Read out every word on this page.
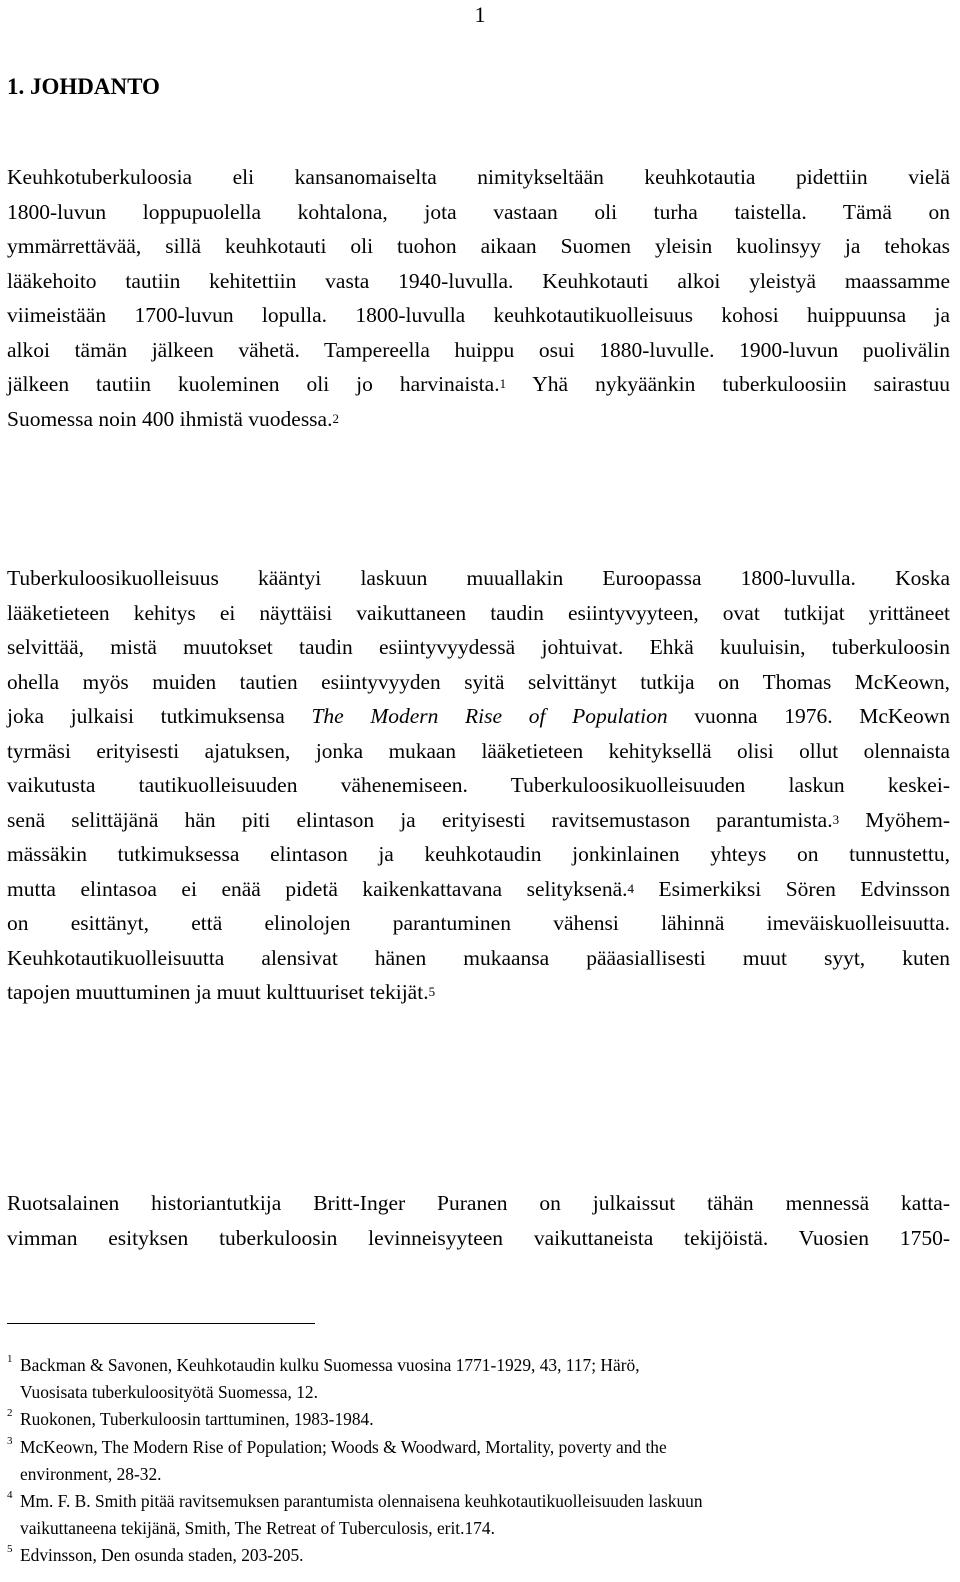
1
1. JOHDANTO
Keuhkotuberkuloosia eli kansanomaiselta nimitykseltään keuhkotautia pidettiin vielä
1800-luvun loppupuolella kohtalona, jota vastaan oli turha taistella. Tämä on
ymmärrettävää, sillä keuhkotauti oli tuohon aikaan Suomen yleisin kuolinsyy ja tehokas
lääkehoito tautiin kehitettiin vasta 1940-luvulla. Keuhkotauti alkoi yleistyä maassamme
viimeistään 1700-luvun lopulla. 1800-luvulla keuhkotautikuolleisuus kohosi huippuunsa ja
alkoi tämän jälkeen vähetä. Tampereella huippu osui 1880-luvulle. 1900-luvun puolivälin
jälkeen tautiin kuoleminen oli jo harvinaista.$^1$ Yhä nykyäänkin tuberkuloosiin sairastuu
Suomessa noin 400 ihmistä vuodessa.$^2$
Tuberkuloosikuolleisuus kääntyi laskuun muuallakin Euroopassa 1800-luvulla. Koska
lääketieteen kehitys ei näyttäisi vaikuttaneen taudin esiintyvyyteen, ovat tutkijat yrittäneet
selvittää, mistä muutokset taudin esiintyvyydessä johtuivat. Ehkä kuuluisin, tuberkuloosin
ohella myös muiden tautien esiintyvyyden syitä selvittänyt tutkija on Thomas McKeown,
joka julkaisi tutkimuksensa The Modern Rise of Population vuonna 1976. McKeown
tyrmäsi erityisesti ajatuksen, jonka mukaan lääketieteen kehityksellä olisi ollut olennaista
vaikutusta tautikuolleisuuden vähenemiseen. Tuberkuloosikuolleisuuden laskun keskei-
senä selittäjänä hän piti elintason ja erityisesti ravitsemustason parantumista.$^3$ Myöhem-
mässäkin tutkimuksessa elintason ja keuhkotaudin jonkinlainen yhteys on tunnustettu,
mutta elintasoa ei enää pidetä kaikenkattavana selityksenä.$^4$ Esimerkiksi Sören Edvinsson
on esittänyt, että elinolojen parantuminen vähensi lähinnä imeväiskuolleisuutta.
Keuhkotautikuolleisuutta alensivat hänen mukaansa pääasiallisesti muut syyt, kuten
tapojen muuttuminen ja muut kulttuuriset tekijät.$^5$
Ruotsalainen historiantutkija Britt-Inger Puranen on julkaissut tähän mennessä katta-
vimman esityksen tuberkuloosin levinneisyyteen vaikuttaneista tekijöistä. Vuosien 1750-
1 Backman & Savonen, Keuhkotaudin kulku Suomessa vuosina 1771-1929, 43, 117; Härö,
Vuosisata tuberkuloosityötä Suomessa, 12.
2 Ruokonen, Tuberkuloosin tarttuminen, 1983-1984.
3 McKeown, The Modern Rise of Population; Woods & Woodward, Mortality, poverty and the
environment, 28-32.
4 Mm. F. B. Smith pitää ravitsemuksen parantumista olennaisena keuhkotautikuolleisuuden laskuun
vaikuttaneena tekijänä, Smith, The Retreat of Tuberculosis, erit.174.
5 Edvinsson, Den osunda staden, 203-205.
